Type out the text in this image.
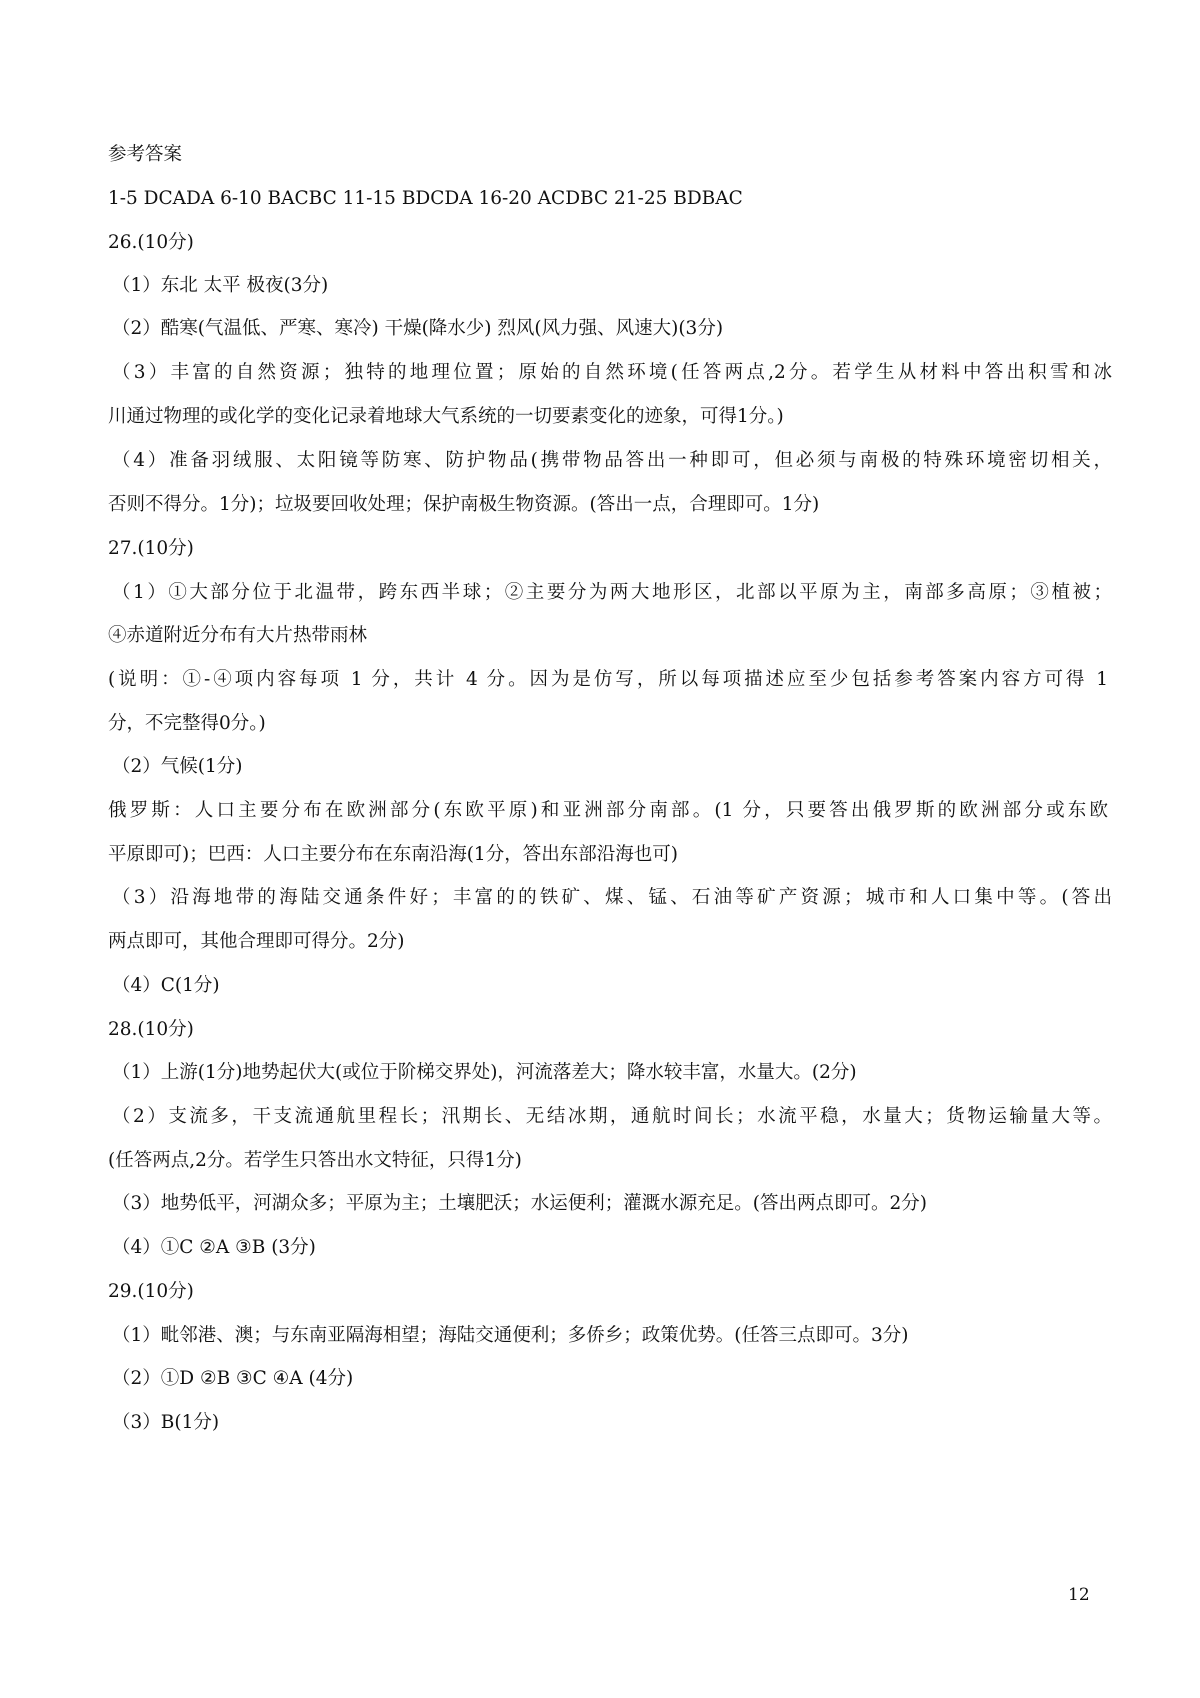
参考答案

1-5 DCADA 6-10 BACBC 11-15 BDCDA 16-20 ACDBC 21-25 BDBAC

26.(10分)

（1）东北 太平 极夜(3分)

（2）酷寒(气温低、严寒、寒冷) 干燥(降水少) 烈风(风力强、风速大)(3分)

（3）丰富的自然资源；独特的地理位置；原始的自然环境(任答两点,2分。若学生从材料中答出积雪和冰

川通过物理的或化学的变化记录着地球大气系统的一切要素变化的迹象，可得1分。)

（4）准备羽绒服、太阳镜等防寒、防护物品(携带物品答出一种即可，但必须与南极的特殊环境密切相关，

否则不得分。1分)；垃圾要回收处理；保护南极生物资源。(答出一点，合理即可。1分)

27.(10分)

（1）①大部分位于北温带，跨东西半球；②主要分为两大地形区，北部以平原为主，南部多高原；③植被；

④赤道附近分布有大片热带雨林

(说明：①-④项内容每项 1 分，共计 4 分。因为是仿写，所以每项描述应至少包括参考答案内容方可得 1

分，不完整得0分。)

（2）气候(1分)

俄罗斯：人口主要分布在欧洲部分(东欧平原)和亚洲部分南部。(1 分，只要答出俄罗斯的欧洲部分或东欧

平原即可)；巴西：人口主要分布在东南沿海(1分，答出东部沿海也可)

（3）沿海地带的海陆交通条件好；丰富的的铁矿、煤、锰、石油等矿产资源；城市和人口集中等。(答出

两点即可，其他合理即可得分。2分)

（4）C(1分)

28.(10分)

（1）上游(1分)地势起伏大(或位于阶梯交界处)，河流落差大；降水较丰富，水量大。(2分)

（2）支流多，干支流通航里程长；汛期长、无结冰期，通航时间长；水流平稳，水量大；货物运输量大等。

(任答两点,2分。若学生只答出水文特征，只得1分)

（3）地势低平，河湖众多；平原为主；土壤肥沃；水运便利；灌溉水源充足。(答出两点即可。2分)

（4）①C ②A ③B (3分)

29.(10分)

（1）毗邻港、澳；与东南亚隔海相望；海陆交通便利；多侨乡；政策优势。(任答三点即可。3分)

（2）①D ②B ③C ④A (4分)

（3）B(1分)

12
